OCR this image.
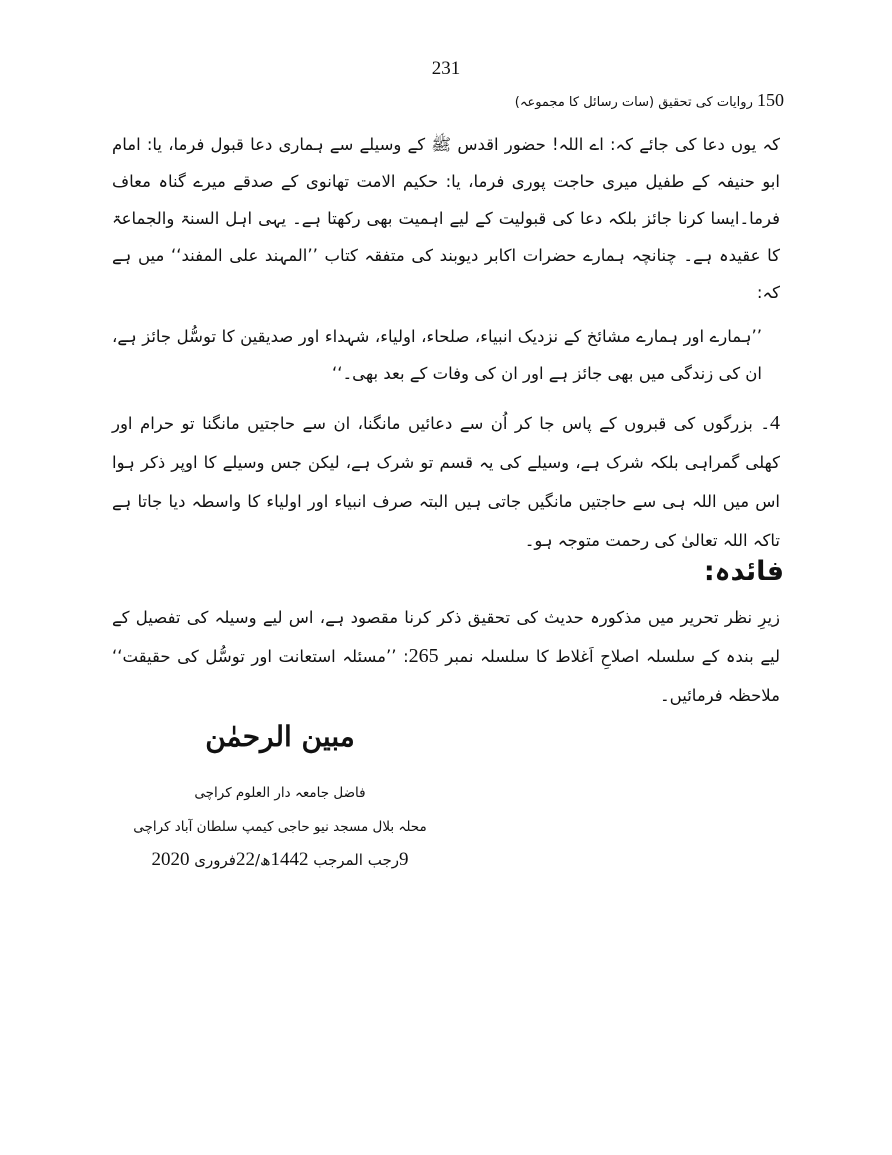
231
150 روایات کی تحقیق (سات رسائل کا مجموعہ)
کہ یوں دعا کی جائے کہ: اے اللہ! حضور اقدس ﷺ کے وسیلے سے ہماری دعا قبول فرما، یا: امام ابو حنیفہ کے طفیل میری حاجت پوری فرما، یا: حکیم الامت تھانوی کے صدقے میرے گناہ معاف فرما۔ایسا کرنا جائز بلکہ دعا کی قبولیت کے لیے اہمیت بھی رکھتا ہے۔ یہی اہل السنۃ والجماعۃ کا عقیدہ ہے۔ چنانچہ ہمارے حضرات اکابر دیوبند کی متفقہ کتاب ’’المہند علی المفند‘‘ میں ہے کہ:
’’ہمارے اور ہمارے مشائخ کے نزدیک انبیاء، صلحاء، اولیاء، شہداء اور صدیقین کا توسُّل جائز ہے، ان کی زندگی میں بھی جائز ہے اور ان کی وفات کے بعد بھی۔‘‘
4۔ بزرگوں کی قبروں کے پاس جا کر اُن سے دعائیں مانگنا، ان سے حاجتیں مانگنا تو حرام اور کھلی گمراہی بلکہ شرک ہے، وسیلے کی یہ قسم تو شرک ہے، لیکن جس وسیلے کا اوپر ذکر ہوا اس میں اللہ ہی سے حاجتیں مانگیں جاتی ہیں البتہ صرف انبیاء اور اولیاء کا واسطہ دیا جاتا ہے تاکہ اللہ تعالیٰ کی رحمت متوجہ ہو۔
فائدہ:
زیرِ نظر تحریر میں مذکورہ حدیث کی تحقیق ذکر کرنا مقصود ہے، اس لیے وسیلہ کی تفصیل کے لیے بندہ کے سلسلہ اصلاحِ اَغلاط کا سلسلہ نمبر 265: ’’مسئلہ استعانت اور توسُّل کی حقیقت‘‘ ملاحظہ فرمائیں۔
مبین الرحمٰن
فاضل جامعہ دار العلوم کراچی
محلہ بلال مسجد نیو حاجی کیمپ سلطان آباد کراچی
9رجب المرجب 1442ھ/22فروری 2020
